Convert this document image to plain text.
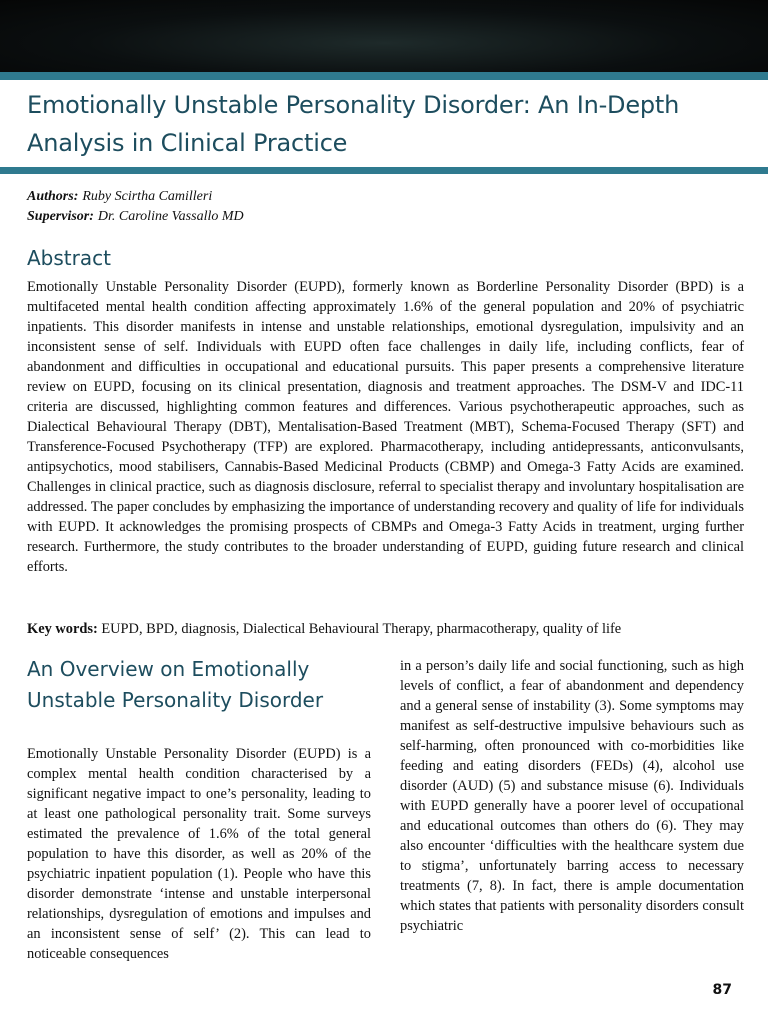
Emotionally Unstable Personality Disorder: An In-Depth Analysis in Clinical Practice
Authors: Ruby Scirtha Camilleri
Supervisor: Dr. Caroline Vassallo MD
Abstract

Emotionally Unstable Personality Disorder (EUPD), formerly known as Borderline Personality Disorder (BPD) is a multifaceted mental health condition affecting approximately 1.6% of the general population and 20% of psychiatric inpatients. This disorder manifests in intense and unstable relationships, emotional dysregulation, impulsivity and an inconsistent sense of self. Individuals with EUPD often face challenges in daily life, including conflicts, fear of abandonment and difficulties in occupational and educational pursuits. This paper presents a comprehensive literature review on EUPD, focusing on its clinical presentation, diagnosis and treatment approaches. The DSM-V and IDC-11 criteria are discussed, highlighting common features and differences. Various psychotherapeutic approaches, such as Dialectical Behavioural Therapy (DBT), Mentalisation-Based Treatment (MBT), Schema-Focused Therapy (SFT) and Transference-Focused Psychotherapy (TFP) are explored. Pharmacotherapy, including antidepressants, anticonvulsants, antipsychotics, mood stabilisers, Cannabis-Based Medicinal Products (CBMP) and Omega-3 Fatty Acids are examined. Challenges in clinical practice, such as diagnosis disclosure, referral to specialist therapy and involuntary hospitalisation are addressed. The paper concludes by emphasizing the importance of understanding recovery and quality of life for individuals with EUPD. It acknowledges the promising prospects of CBMPs and Omega-3 Fatty Acids in treatment, urging further research. Furthermore, the study contributes to the broader understanding of EUPD, guiding future research and clinical efforts.

Key words: EUPD, BPD, diagnosis, Dialectical Behavioural Therapy, pharmacotherapy, quality of life

An Overview on Emotionally Unstable Personality Disorder

Emotionally Unstable Personality Disorder (EUPD) is a complex mental health condition characterised by a significant negative impact to one’s personality, leading to at least one pathological personality trait. Some surveys estimated the prevalence of 1.6% of the total general population to have this disorder, as well as 20% of the psychiatric inpatient population (1). People who have this disorder demonstrate ‘intense and unstable interpersonal relationships, dysregulation of emotions and impulses and an inconsistent sense of self’ (2). This can lead to noticeable consequences

in a person’s daily life and social functioning, such as high levels of conflict, a fear of abandonment and dependency and a general sense of instability (3). Some symptoms may manifest as self-destructive impulsive behaviours such as self-harming, often pronounced with co-morbidities like feeding and eating disorders (FEDs) (4), alcohol use disorder (AUD) (5) and substance misuse (6). Individuals with EUPD generally have a poorer level of occupational and educational outcomes than others do (6). They may also encounter ‘difficulties with the healthcare system due to stigma’, unfortunately barring access to necessary treatments (7, 8). In fact, there is ample documentation which states that patients with personality disorders consult psychiatric

87
